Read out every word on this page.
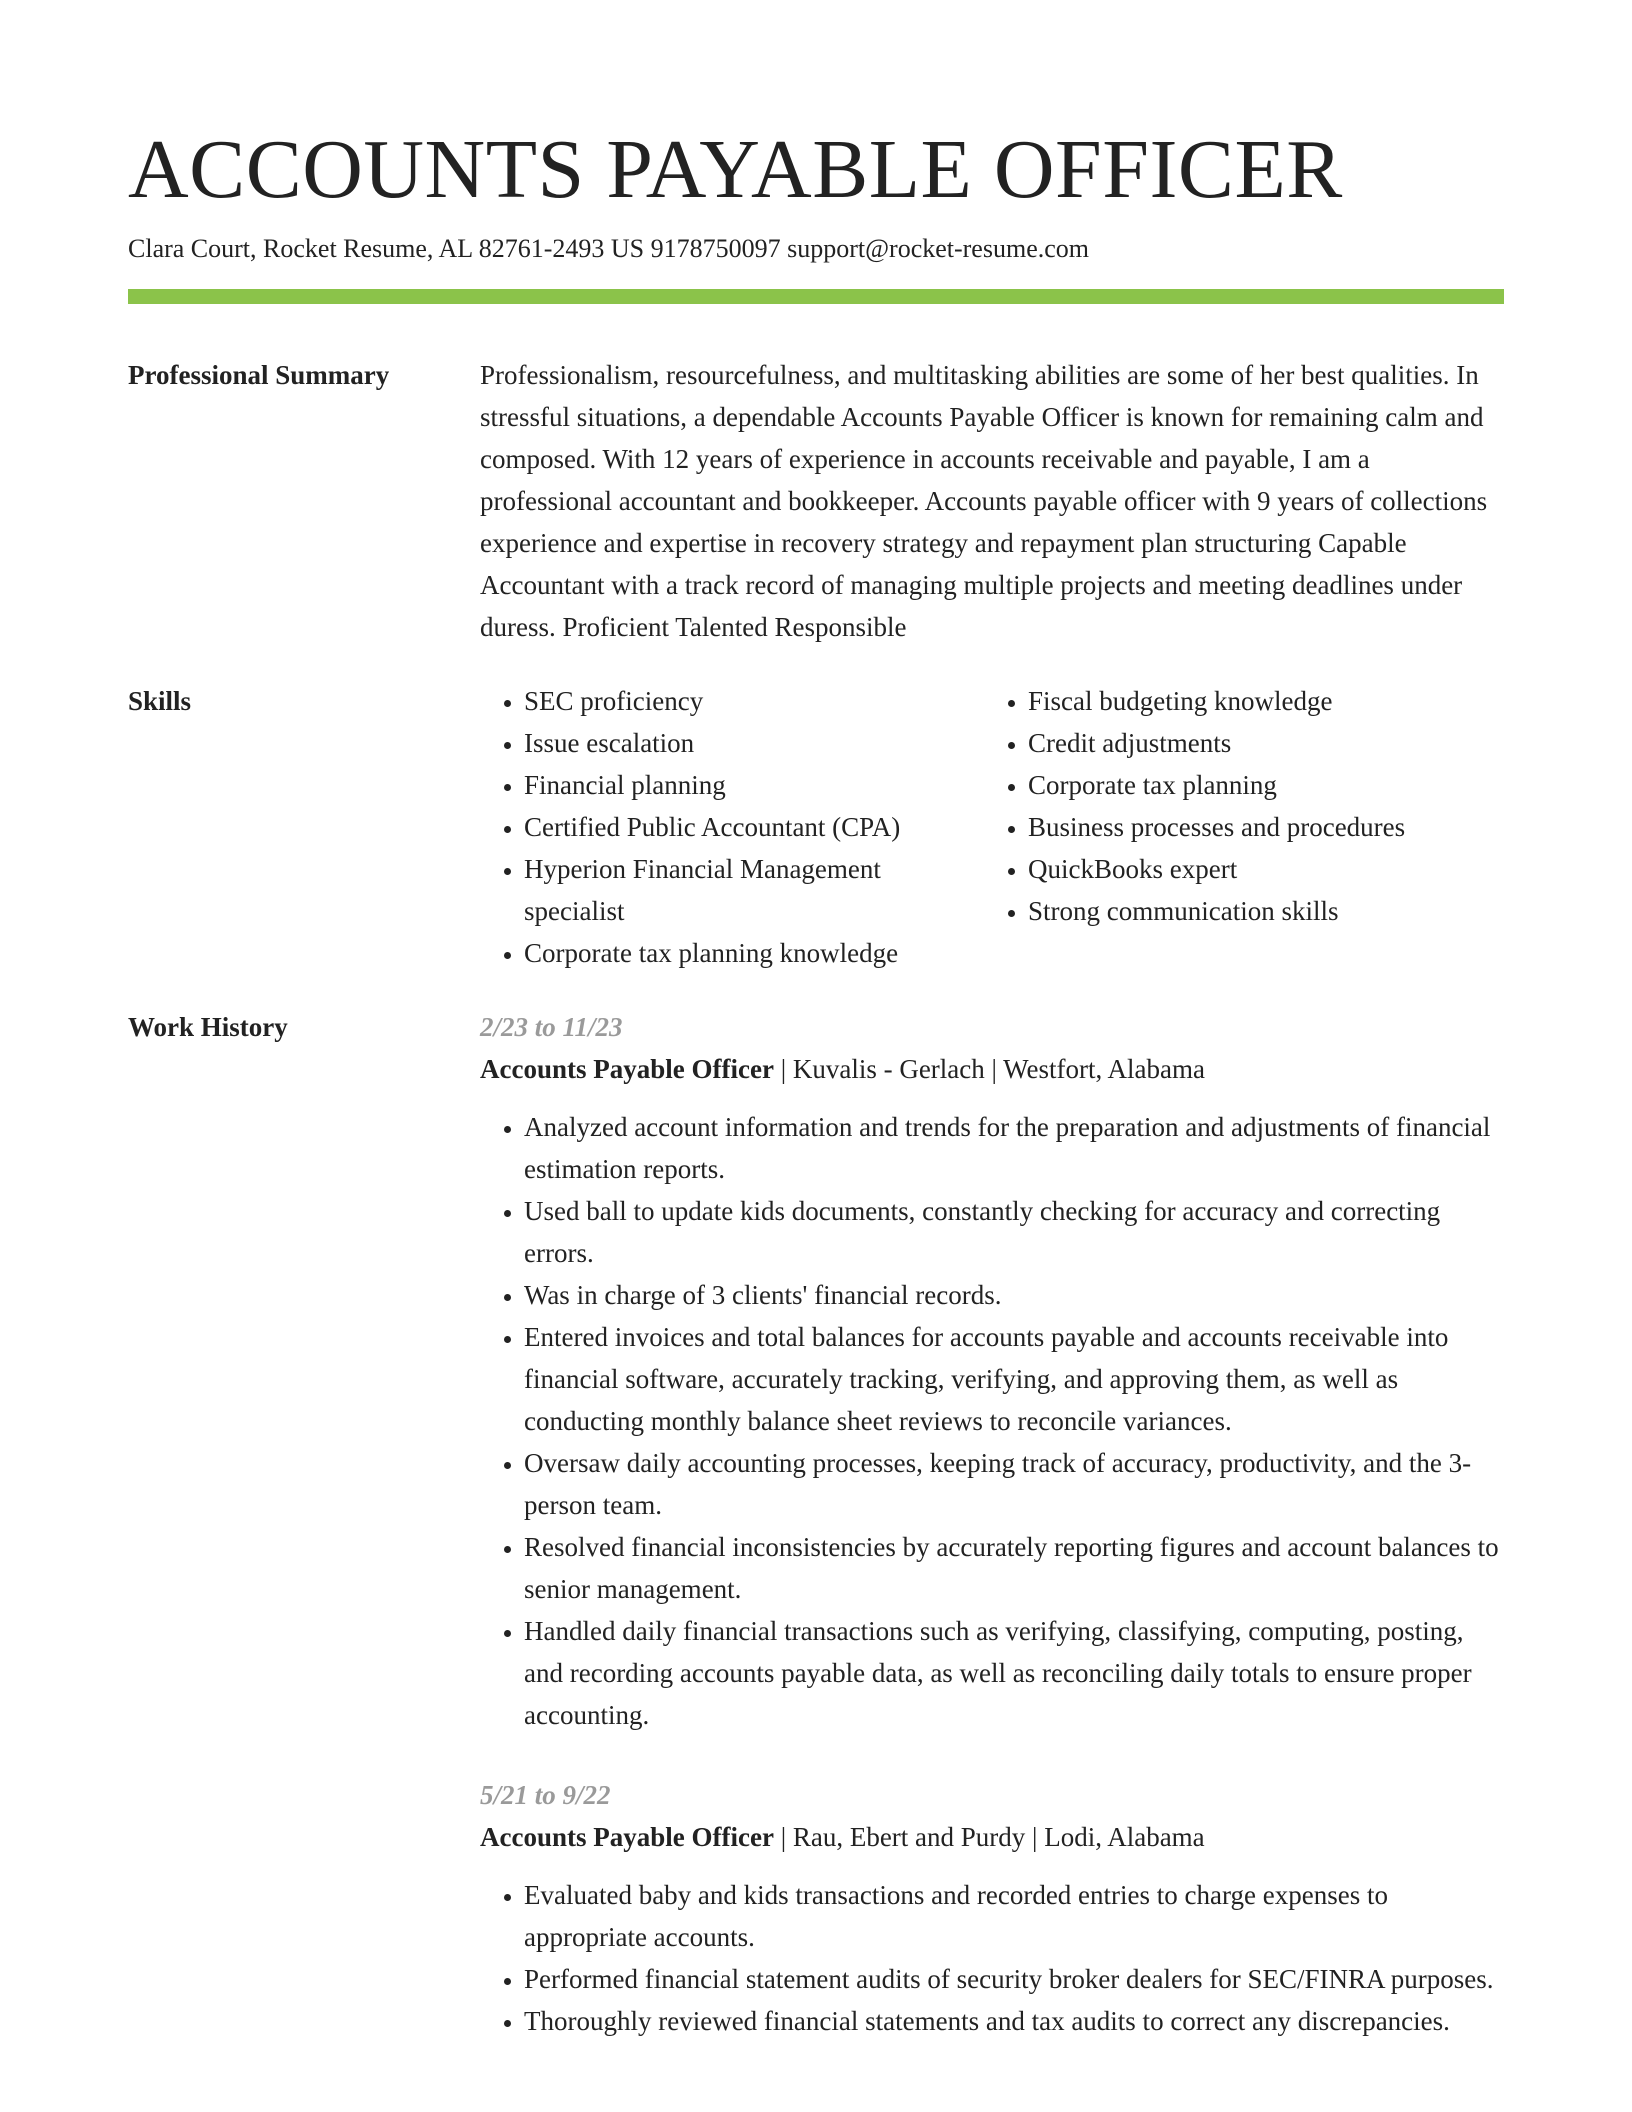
ACCOUNTS PAYABLE OFFICER
Clara Court, Rocket Resume, AL 82761-2493 US 9178750097 support@rocket-resume.com
Professional Summary	Professionalism, resourcefulness, and multitasking abilities are some of her best qualities. In stressful situations, a dependable Accounts Payable Officer is known for remaining calm and composed. With 12 years of experience in accounts receivable and payable, I am a professional accountant and bookkeeper. Accounts payable officer with 9 years of collections experience and expertise in recovery strategy and repayment plan structuring Capable Accountant with a track record of managing multiple projects and meeting deadlines under duress. Proficient Talented Responsible

Skills
•	SEC proficiency
• Issue escalation
• Financial planning
• Certified Public Accountant (CPA)
• Hyperion Financial Management specialist
• Corporate tax planning knowledge
• Fiscal budgeting knowledge
• Credit adjustments
• Corporate tax planning
• Business processes and procedures
• QuickBooks expert
• Strong communication skills
Work History	2/23 to 11/23
Accounts Payable Officer | Kuvalis - Gerlach | Westfort, Alabama
• Analyzed account information and trends for the preparation and adjustments of financial estimation reports.
• Used ball to update kids documents, constantly checking for accuracy and correcting errors.
• Was in charge of 3 clients' financial records.
• Entered invoices and total balances for accounts payable and accounts receivable into financial software, accurately tracking, verifying, and approving them, as well as conducting monthly balance sheet reviews to reconcile variances.
• Oversaw daily accounting processes, keeping track of accuracy, productivity, and the 3-person team.
• Resolved financial inconsistencies by accurately reporting figures and account balances to senior management.
• Handled daily financial transactions such as verifying, classifying, computing, posting, and recording accounts payable data, as well as reconciling daily totals to ensure proper accounting.
5/21 to 9/22
Accounts Payable Officer | Rau, Ebert and Purdy | Lodi, Alabama
• Evaluated baby and kids transactions and recorded entries to charge expenses to appropriate accounts.
• Performed financial statement audits of security broker dealers for SEC/FINRA purposes.
• Thoroughly reviewed financial statements and tax audits to correct any discrepancies.
